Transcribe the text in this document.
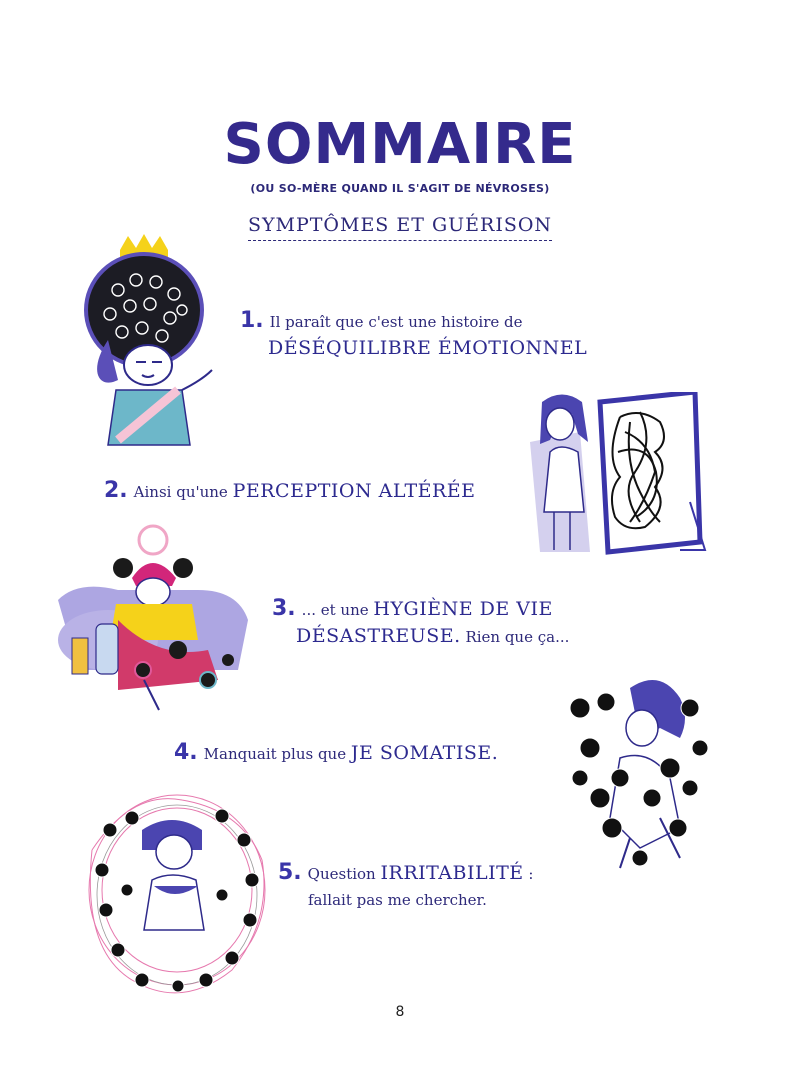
SOMMAIRE
(OU SO-MÈRE QUAND IL S'AGIT DE NÉVROSES)
SYMPTÔMES ET GUÉRISON
1. Il paraît que c'est une histoire de
DÉSÉQUILIBRE ÉMOTIONNEL
2. Ainsi qu'une PERCEPTION ALTÉRÉE
3. ... et une HYGIÈNE DE VIE
DÉSASTREUSE. Rien que ça...
4. Manquait plus que JE SOMATISE.
5. Question IRRITABILITÉ :
fallait pas me chercher.
8
